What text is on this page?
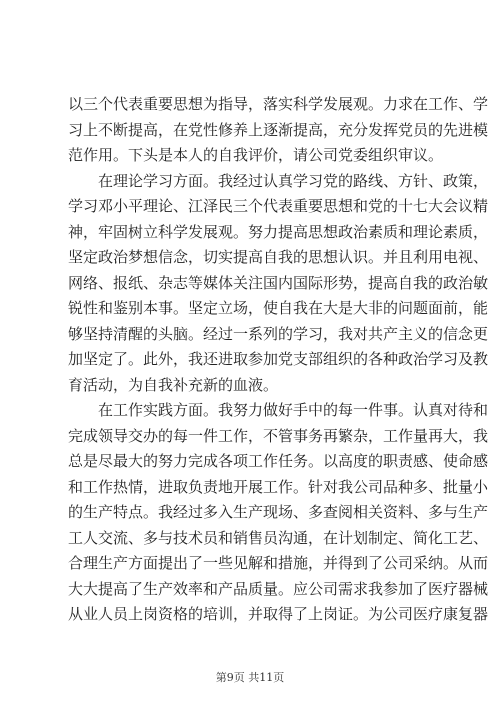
以三个代表重要思想为指导，落实科学发展观。力求在工作、学
习上不断提高，在党性修养上逐渐提高，充分发挥党员的先进模
范作用。下头是本人的自我评价，请公司党委组织审议。
　　在理论学习方面。我经过认真学习党的路线、方针、政策，
学习邓小平理论、江泽民三个代表重要思想和党的十七大会议精
神，牢固树立科学发展观。努力提高思想政治素质和理论素质，
坚定政治梦想信念，切实提高自我的思想认识。并且利用电视、
网络、报纸、杂志等媒体关注国内国际形势，提高自我的政治敏
锐性和鉴别本事。坚定立场，使自我在大是大非的问题面前，能
够坚持清醒的头脑。经过一系列的学习，我对共产主义的信念更
加坚定了。此外，我还进取参加党支部组织的各种政治学习及教
育活动，为自我补充新的血液。
　　在工作实践方面。我努力做好手中的每一件事。认真对待和
完成领导交办的每一件工作，不管事务再繁杂，工作量再大，我
总是尽最大的努力完成各项工作任务。以高度的职责感、使命感
和工作热情，进取负责地开展工作。针对我公司品种多、批量小
的生产特点。我经过多入生产现场、多查阅相关资料、多与生产
工人交流、多与技术员和销售员沟通，在计划制定、简化工艺、
合理生产方面提出了一些见解和措施，并得到了公司采纳。从而
大大提高了生产效率和产品质量。应公司需求我参加了医疗器械
从业人员上岗资格的培训，并取得了上岗证。为公司医疗康复器
第9页 共11页
